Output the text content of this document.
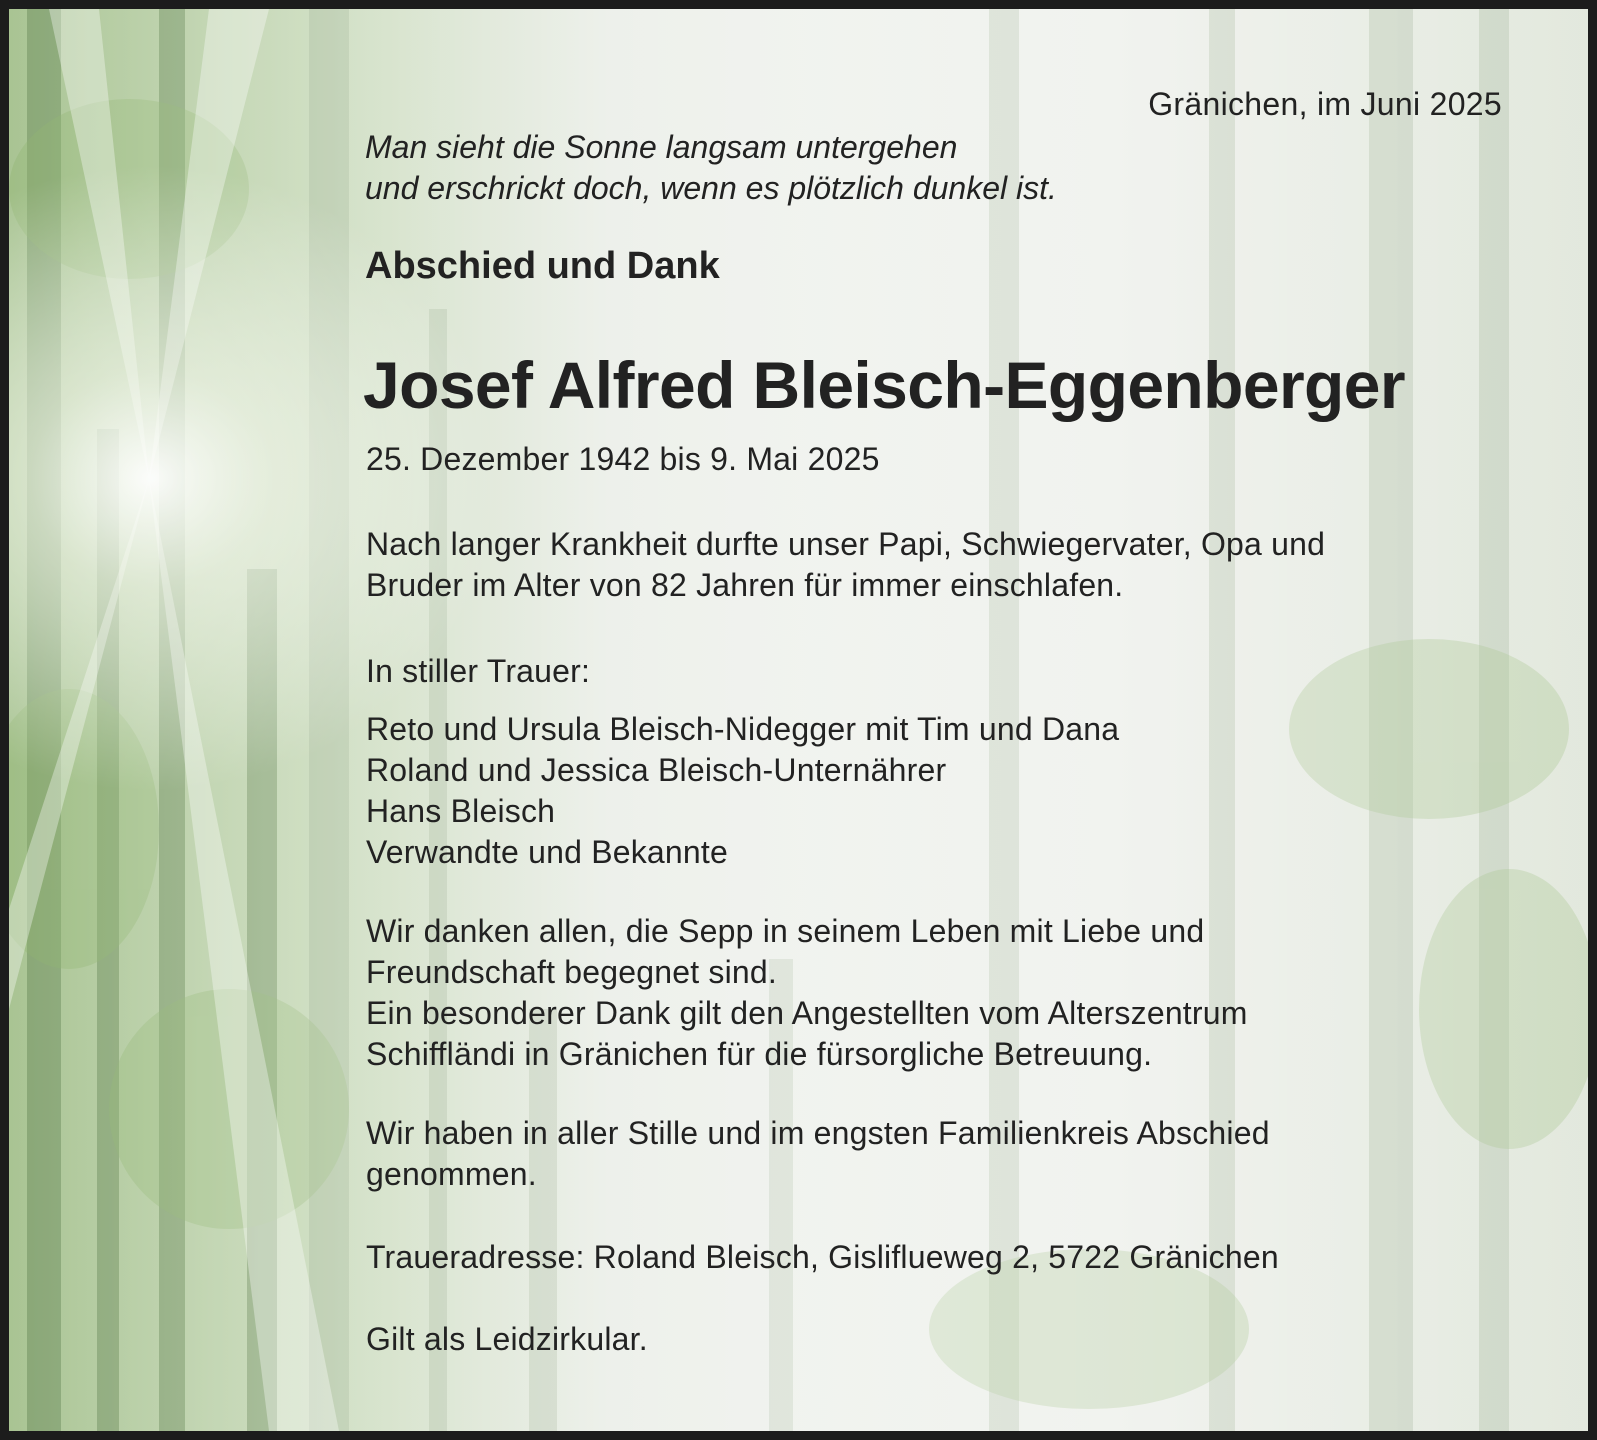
Gränichen, im Juni 2025

Man sieht die Sonne langsam untergehen
und erschrickt doch, wenn es plötzlich dunkel ist.
Abschied und Dank
Josef Alfred Bleisch-Eggenberger

25. Dezember 1942 bis 9. Mai 2025

Nach langer Krankheit durfte unser Papi, Schwiegervater, Opa und
Bruder im Alter von 82 Jahren für immer einschlafen.

In stiller Trauer:

Reto und Ursula Bleisch-Nidegger mit Tim und Dana
Roland und Jessica Bleisch-Unternährer
Hans Bleisch
Verwandte und Bekannte
Wir danken allen, die Sepp in seinem Leben mit Liebe und
Freundschaft begegnet sind.
Ein besonderer Dank gilt den Angestellten vom Alterszentrum
Schiffländi in Gränichen für die fürsorgliche Betreuung.
Wir haben in aller Stille und im engsten Familienkreis Abschied
genommen.

Traueradresse: Roland Bleisch, Gisliflueweg 2, 5722 Gränichen

Gilt als Leidzirkular.
